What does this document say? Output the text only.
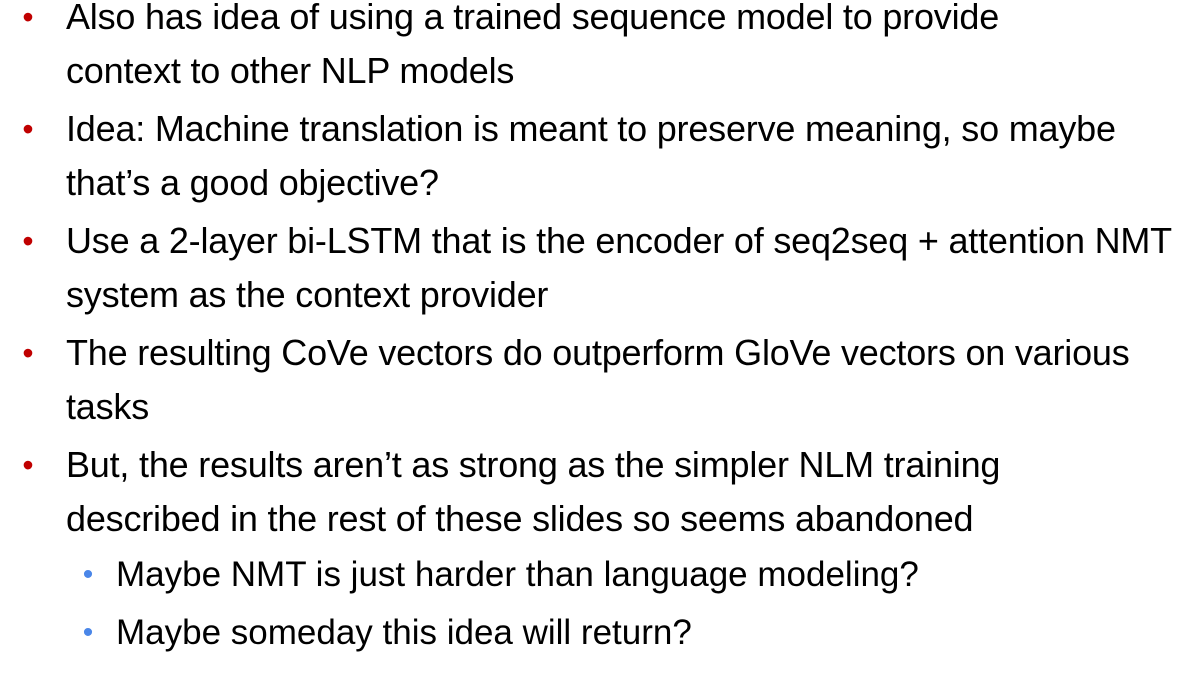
• Also has idea of using a trained sequence model to provide context to other NLP models
• Idea: Machine translation is meant to preserve meaning, so maybe that’s a good objective?
• Use a 2-layer bi-LSTM that is the encoder of seq2seq + attention NMT system as the context provider
• The resulting CoVe vectors do outperform GloVe vectors on various tasks
• But, the results aren’t as strong as the simpler NLM training described in the rest of these slides so seems abandoned
• Maybe NMT is just harder than language modeling?
• Maybe someday this idea will return?
